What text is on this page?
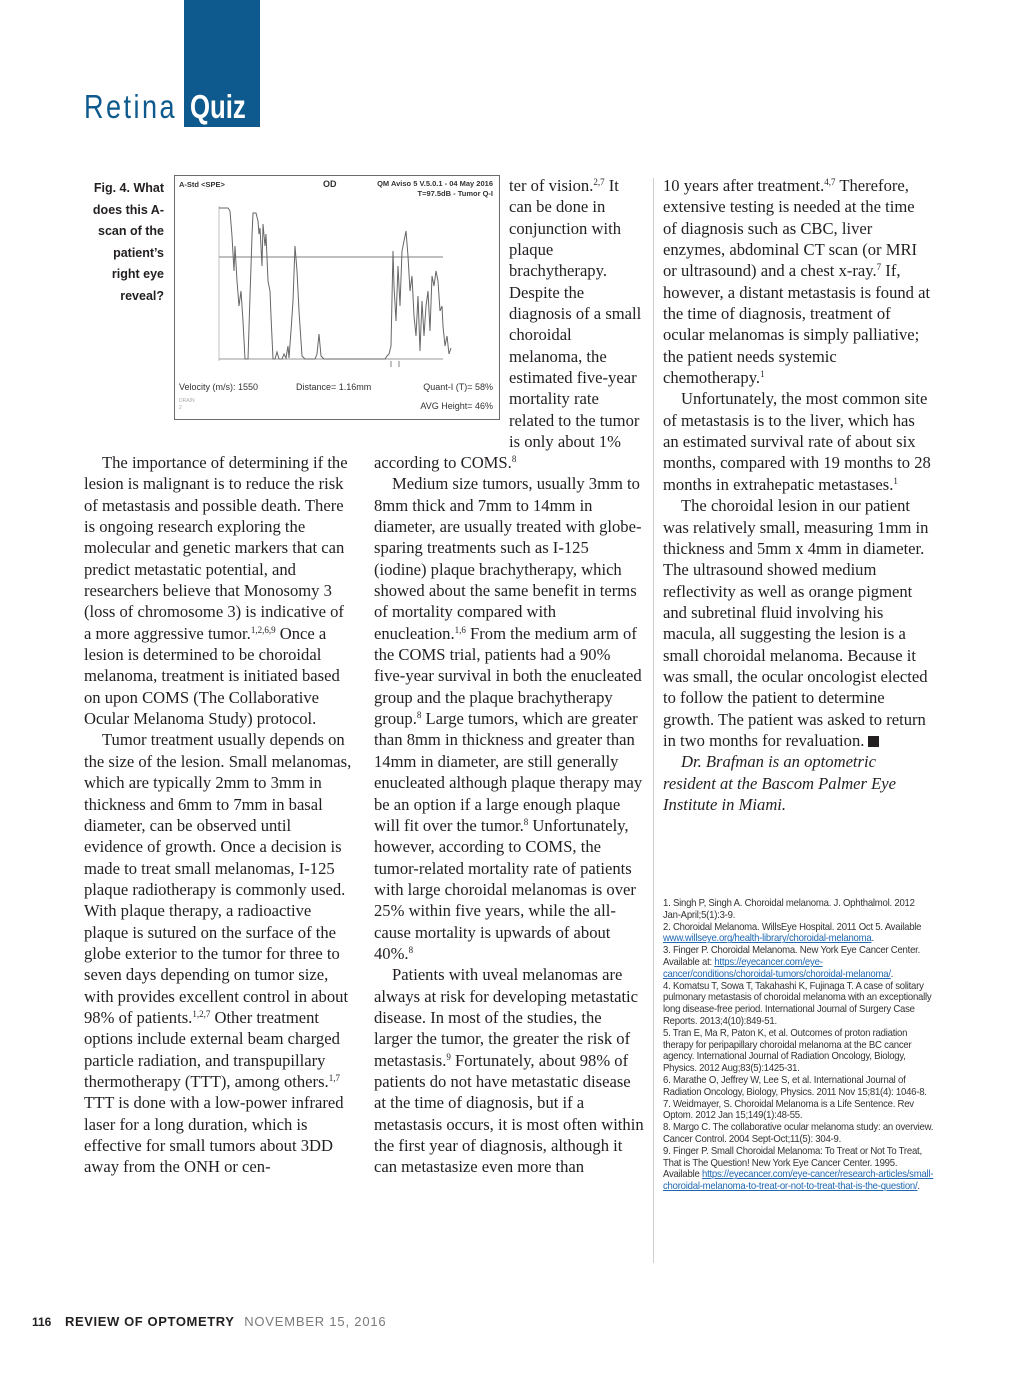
Retina Quiz
Fig. 4. What does this A-scan of the patient’s right eye reveal?
A-Std <SPE>	OD	QM Aviso 5 V.5.0.1 - 04 May 2016
T=97.5dB - Tumor Q-I
Velocity (m/s): 1550	Distance= 1.16mm	Quant-I (T)= 58%
DRAIN
2	AVG Height= 46%

The importance of determining if the lesion is malignant is to reduce the risk of metastasis and possible death. There is ongoing research exploring the molecular and genetic markers that can predict metastatic potential, and researchers believe that Monosomy 3 (loss of chromosome 3) is indicative of a more aggressive tumor.$^{1,2,6,9}$ Once a lesion is determined to be choroidal melanoma, treatment is initiated based on upon COMS (The Collaborative Ocular Melanoma Study) protocol.

Tumor treatment usually depends on the size of the lesion. Small melanomas, which are typically 2mm to 3mm in thickness and 6mm to 7mm in basal diameter, can be observed until evidence of growth. Once a decision is made to treat small melanomas, I-125 plaque radiotherapy is commonly used. With plaque therapy, a radioactive plaque is sutured on the surface of the globe exterior to the tumor for three to seven days depending on tumor size, with provides excellent control in about 98% of patients.$^{1,2,7}$ Other treatment options include external beam charged particle radiation, and transpupillary thermotherapy (TTT), among others.$^{1,7}$ TTT is done with a low-power infrared laser for a long duration, which is effective for small tumors about 3DD away from the ONH or cen-

ter of vision.$^{2,7}$ It can be done in conjunction with plaque brachytherapy. Despite the diagnosis of a small choroidal melanoma, the estimated five-year mortality rate related to the tumor is only about 1%

according to COMS.$^8$

Medium size tumors, usually 3mm to 8mm thick and 7mm to 14mm in diameter, are usually treated with globe-sparing treatments such as I-125 (iodine) plaque brachytherapy, which showed about the same benefit in terms of mortality compared with enucleation.$^{1,6}$ From the medium arm of the COMS trial, patients had a 90% five-year survival in both the enucleated group and the plaque brachytherapy group.$^8$ Large tumors, which are greater than 8mm in thickness and greater than 14mm in diameter, are still generally enucleated although plaque therapy may be an option if a large enough plaque will fit over the tumor.$^8$ Unfortunately, however, according to COMS, the tumor-related mortality rate of patients with large choroidal melanomas is over 25% within five years, while the all-cause mortality is upwards of about 40%.$^8$

Patients with uveal melanomas are always at risk for developing metastatic disease. In most of the studies, the larger the tumor, the greater the risk of metastasis.$^9$ Fortunately, about 98% of patients do not have metastatic disease at the time of diagnosis, but if a metastasis occurs, it is most often within the first year of diagnosis, although it can metastasize even more than

10 years after treatment.$^{4,7}$ Therefore, extensive testing is needed at the time of diagnosis such as CBC, liver enzymes, abdominal CT scan (or MRI or ultrasound) and a chest x-ray.$^7$ If, however, a distant metastasis is found at the time of diagnosis, treatment of ocular melanomas is simply palliative; the patient needs systemic chemotherapy.$^1$

Unfortunately, the most common site of metastasis is to the liver, which has an estimated survival rate of about six months, compared with 19 months to 28 months in extrahepatic metastases.$^1$

The choroidal lesion in our patient was relatively small, measuring 1mm in thickness and 5mm x 4mm in diameter. The ultrasound showed medium reflectivity as well as orange pigment and subretinal fluid involving his macula, all suggesting the lesion is a small choroidal melanoma. Because it was small, the ocular oncologist elected to follow the patient to determine growth. The patient was asked to return in two months for revaluation.

Dr. Brafman is an optometric resident at the Bascom Palmer Eye Institute in Miami.

1. Singh P, Singh A. Choroidal melanoma. J. Ophthalmol. 2012 Jan-April;5(1):3-9.

2. Choroidal Melanoma. WillsEye Hospital. 2011 Oct 5. Available www.willseye.org/health-library/choroidal-melanoma.

3. Finger P. Choroidal Melanoma. New York Eye Cancer Center. Available at: https://eyecancer.com/eye-cancer/conditions/choroidal-tumors/choroidal-melanoma/.

4. Komatsu T, Sowa T, Takahashi K, Fujinaga T. A case of solitary pulmonary metastasis of choroidal melanoma with an exceptionally long disease-free period. International Journal of Surgery Case Reports. 2013;4(10):849-51.

5. Tran E, Ma R, Paton K, et al. Outcomes of proton radiation therapy for peripapillary choroidal melanoma at the BC cancer agency. International Journal of Radiation Oncology, Biology, Physics. 2012 Aug;83(5):1425-31.

6. Marathe O, Jeffrey W, Lee S, et al. International Journal of Radiation Oncology, Biology, Physics. 2011 Nov 15;81(4): 1046-8.

7. Weidmayer, S. Choroidal Melanoma is a Life Sentence. Rev Optom. 2012 Jan 15;149(1):48-55.

8. Margo C. The collaborative ocular melanoma study: an overview. Cancer Control. 2004 Sept-Oct;11(5): 304-9.

9. Finger P. Small Choroidal Melanoma: To Treat or Not To Treat, That is The Question! New York Eye Cancer Center. 1995. Available https://eyecancer.com/eye-cancer/research-articles/small-choroidal-melanoma-to-treat-or-not-to-treat-that-is-the-question/.

116 REVIEW OF OPTOMETRY NOVEMBER 15, 2016
